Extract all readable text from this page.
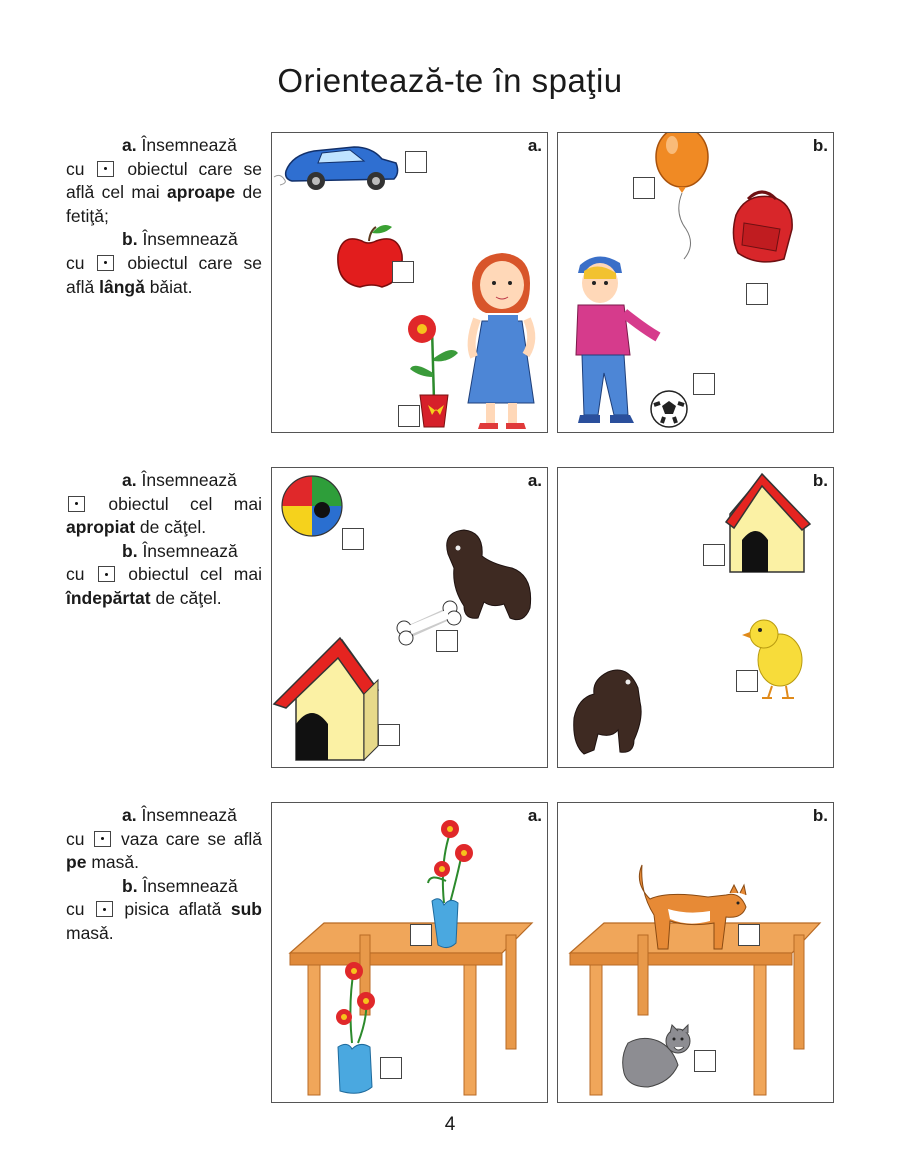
Orientează-te în spaţiu

a. Însemnează

cu obiectul care se aflǎ cel mai aproape de fetiţǎ;

b. Însemnează

cu obiectul care se aflǎ lângǎ bǎiat.
a.	b.

a. Însemnează

obiectul cel mai apropiat de căţel.

b. Însemnează

cu	obiectul cel mai îndepărtat de căţel.
a.	b.

a. Însemnează

cu vaza care se aflǎ pe masǎ.

b. Însemnează

cu pisica aflatǎ sub masǎ.
a.	b.
4
